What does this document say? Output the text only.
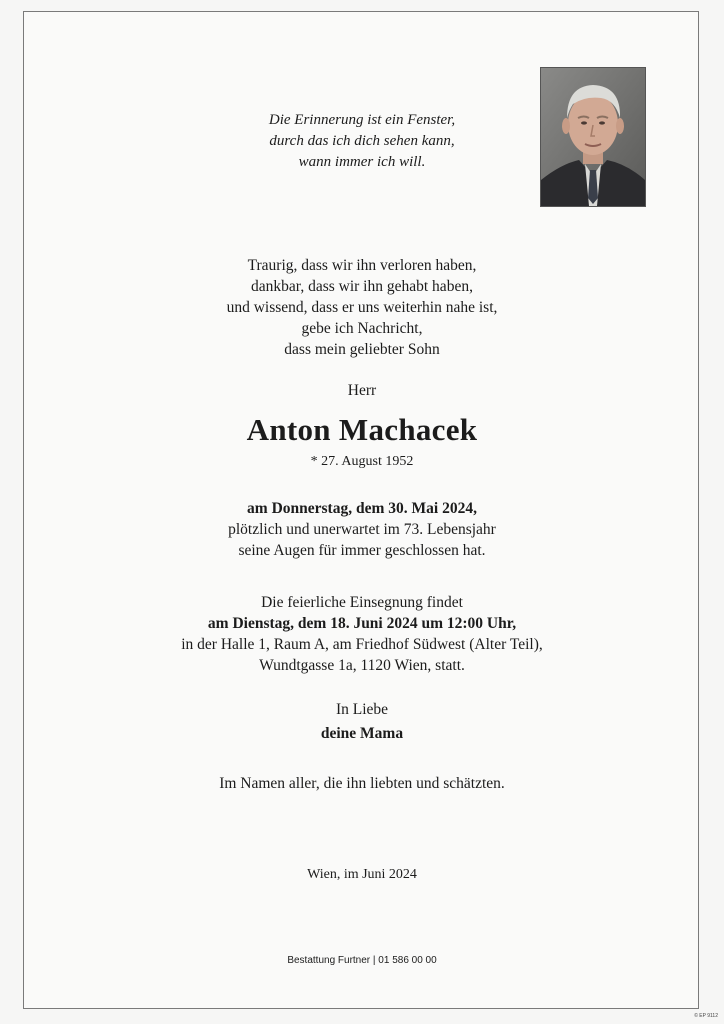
Die Erinnerung ist ein Fenster,
durch das ich dich sehen kann,
wann immer ich will.
Traurig, dass wir ihn verloren haben,
dankbar, dass wir ihn gehabt haben,
und wissend, dass er uns weiterhin nahe ist,
gebe ich Nachricht,
dass mein geliebter Sohn
Herr
Anton Machacek
* 27. August 1952
am Donnerstag, dem 30. Mai 2024,
plötzlich und unerwartet im 73. Lebensjahr
seine Augen für immer geschlossen hat.
Die feierliche Einsegnung findet
am Dienstag, dem 18. Juni 2024 um 12:00 Uhr,
in der Halle 1, Raum A, am Friedhof Südwest (Alter Teil),
Wundtgasse 1a, 1120 Wien, statt.
In Liebe
deine Mama
Im Namen aller, die ihn liebten und schätzten.
Wien, im Juni 2024
Bestattung Furtner | 01 586 00 00
© EP 9112
